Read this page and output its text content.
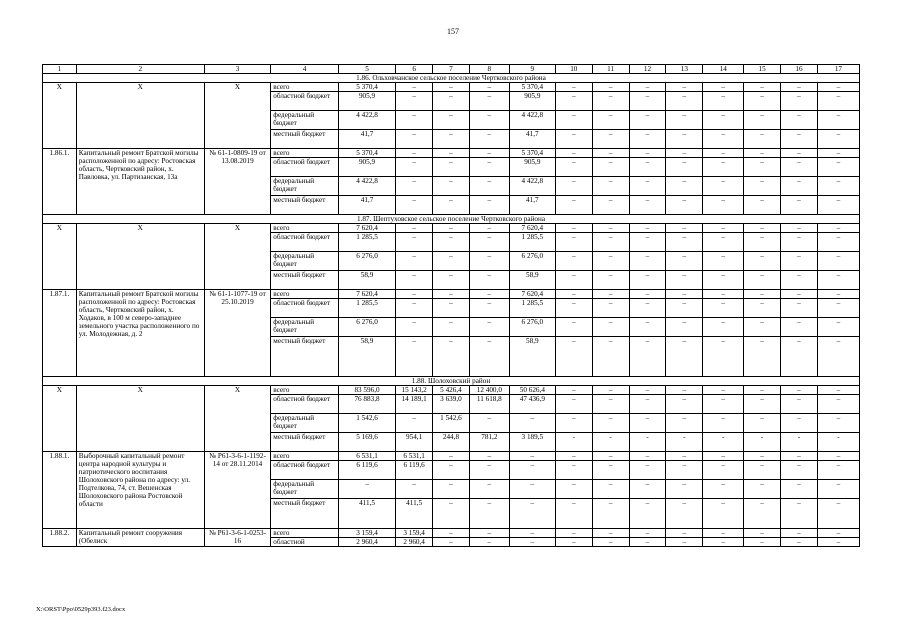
157
1	2	3	4	5	6	7	8	9	10	11	12	13	14	15	16	17
1.86. Ольховчанское сельское поселение Чертковского района																
X	X	X	всего	5 370,4	–	–	–	5 370,4	–	–	–	–	–	–	–	–
			областной бюджет	905,9	–	–	–	905,9	–	–	–	–	–	–	–	–
			федеральный бюджет	4 422,8	–	–	–	4 422,8	–	–	–	–	–	–	–	–
			местный бюджет	41,7	–	–	–	41,7	–	–	–	–	–	–	–	–
1.86.1.	Капитальный ремонт Братской могилы расположенной по адресу: Ростовская область, Чертковский район, х. Павловка, ул. Партизанская, 13а	№ 61-1-0809-19 от 13.08.2019	всего	5 370,4	–	–	–	5 370,4	–	–	–	–	–	–	–	–
			областной бюджет	905,9	–	–	–	905,9	–	–	–	–	–	–	–	–
			федеральный бюджет	4 422,8	–	–	–	4 422,8	–	–	–	–	–	–	–	–
			местный бюджет	41,7	–	–	–	41,7	–	–	–	–	–	–	–	–
1.87. Шептуховское сельское поселение Чертковского района																
X	X	X	всего	7 620,4	–	–	–	7 620,4	–	–	–	–	–	–	–	–
			областной бюджет	1 285,5	–	–	–	1 285,5	–	–	–	–	–	–	–	–
			федеральный бюджет	6 276,0	–	–	–	6 276,0	–	–	–	–	–	–	–	–
			местный бюджет	58,9	–	–	–	58,9	–	–	–	–	–	–	–	–
1.87.1.	Капитальный ремонт Братской могилы расположенной по адресу: Ростовская область, Чертковский район, х. Ходаков, в 100 м северо-западнее земельного участка расположенного по ул. Молодежная, д. 2	№ 61-1-1077-19 от 25.10.2019	всего	7 620,4	–	–	–	7 620,4	–	–	–	–	–	–	–	–
			областной бюджет	1 285,5	–	–	–	1 285,5	–	–	–	–	–	–	–	–
			федеральный бюджет	6 276,0	–	–	–	6 276,0	–	–	–	–	–	–	–	–
			местный бюджет	58,9	–	–	–	58,9	–	–	–	–	–	–	–	–
1.88. Шолоховский район																
X	X	X	всего	83 596,0	15 143,2	5 426,4	12 400,0	50 626,4	–	–	–	–	–	–	–	–
			областной бюджет	76 883,8	14 189,1	3 639,0	11 618,8	47 436,9	–	–	–	–	–	–	–	–
			федеральный бюджет	1 542,6	–	1 542,6	–	–	–	–	–	–	–	–	–	–
			местный бюджет	5 169,6	954,1	244,8	781,2	3 189,5	-	-	-	-	-	-	-	-
1.88.1.	Выборочный капитальный ремонт центра народной культуры и патриотического воспитания Шолоховского района по адресу: ул. Подтелкова, 74, ст. Вешенская Шолоховского района Ростовской области	№ Р61-3-6-1-1192-14 от 28.11.2014	всего	6 531,1	6 531,1	–	–	–	–	–	–	–	–	–	–	–
			областной бюджет	6 119,6	6 119,6	–	–	–	–	–	–	–	–	–	–	–
			федеральный бюджет	–	–	–	–	–	–	–	–	–	–	–	–	–
			местный бюджет	411,5	411,5	–	–	–	–	–	–	–	–	–	–	–
1.88.2.	Капитальный ремонт сооружения (Обелиск	№ Р61-3-6-1-0253-16	всего	3 159,4	3 159,4	–	–	–	–	–	–	–	–	–	–	–
			областной	2 960,4	2 960,4	–	–	–	–	–	–	–	–	–	–	–
X:\ORST\Ppo\0529p393.f23.docx
